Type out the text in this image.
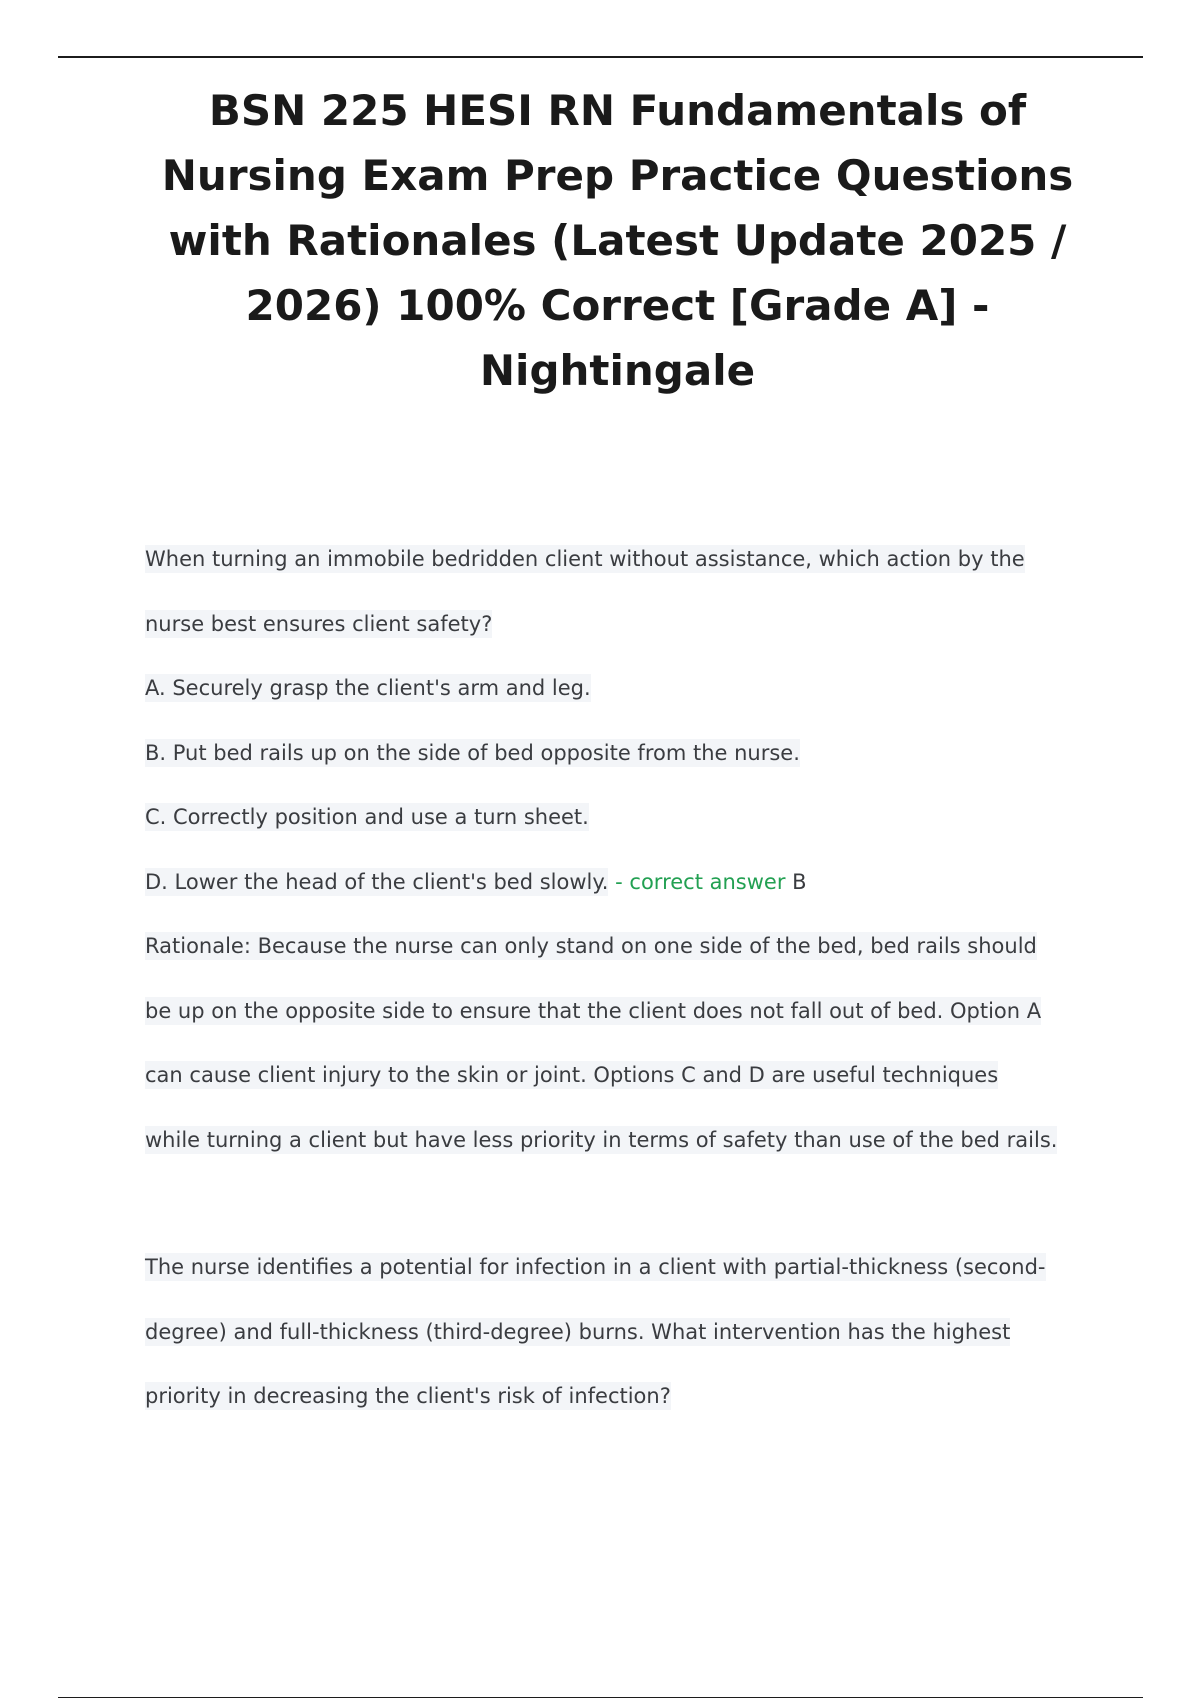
BSN 225 HESI RN Fundamentals of
Nursing Exam Prep Practice Questions
with Rationales (Latest Update 2025 /
2026) 100% Correct [Grade A] -
Nightingale
When turning an immobile bedridden client without assistance, which action by the
nurse best ensures client safety?
A. Securely grasp the client's arm and leg.
B. Put bed rails up on the side of bed opposite from the nurse.
C. Correctly position and use a turn sheet.
D. Lower the head of the client's bed slowly. - correct answer B
Rationale: Because the nurse can only stand on one side of the bed, bed rails should
be up on the opposite side to ensure that the client does not fall out of bed. Option A
can cause client injury to the skin or joint. Options C and D are useful techniques
while turning a client but have less priority in terms of safety than use of the bed rails.
The nurse identifies a potential for infection in a client with partial-thickness (second-
degree) and full-thickness (third-degree) burns. What intervention has the highest
priority in decreasing the client's risk of infection?
